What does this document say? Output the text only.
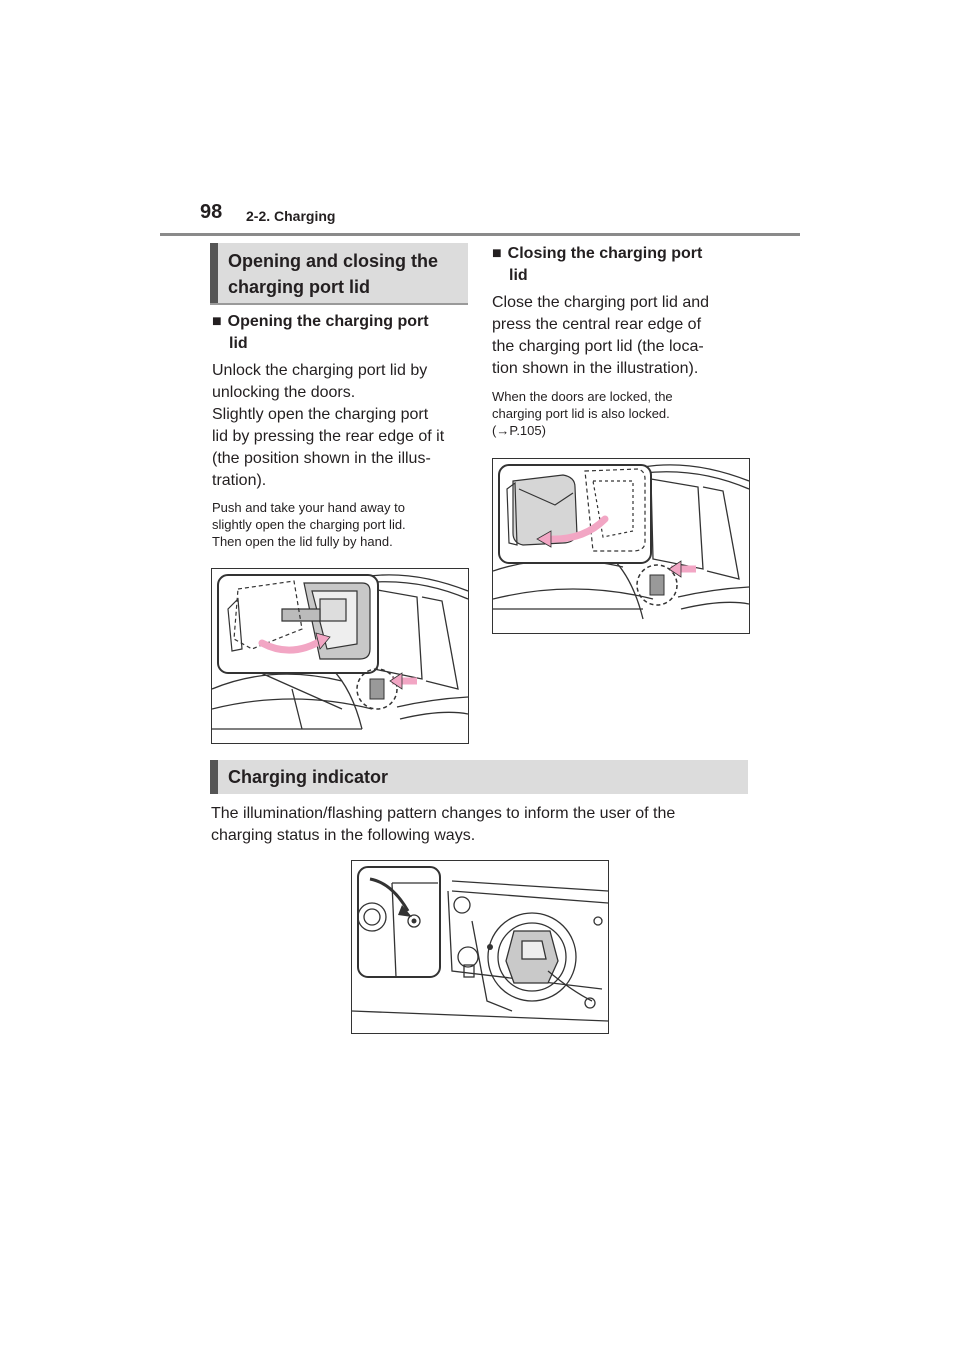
98 2-2. Charging
Opening and closing the
charging port lid
■ Opening the charging port
lid
Unlock the charging port lid by
unlocking the doors.
Slightly open the charging port
lid by pressing the rear edge of it
(the position shown in the illus-
tration).
Push and take your hand away to
slightly open the charging port lid.
Then open the lid fully by hand.
■ Closing the charging port
lid
Close the charging port lid and
press the central rear edge of
the charging port lid (the loca-
tion shown in the illustration).
When the doors are locked, the
charging port lid is also locked.
(→P.105)
Charging indicator
The illumination/flashing pattern changes to inform the user of the
charging status in the following ways.
